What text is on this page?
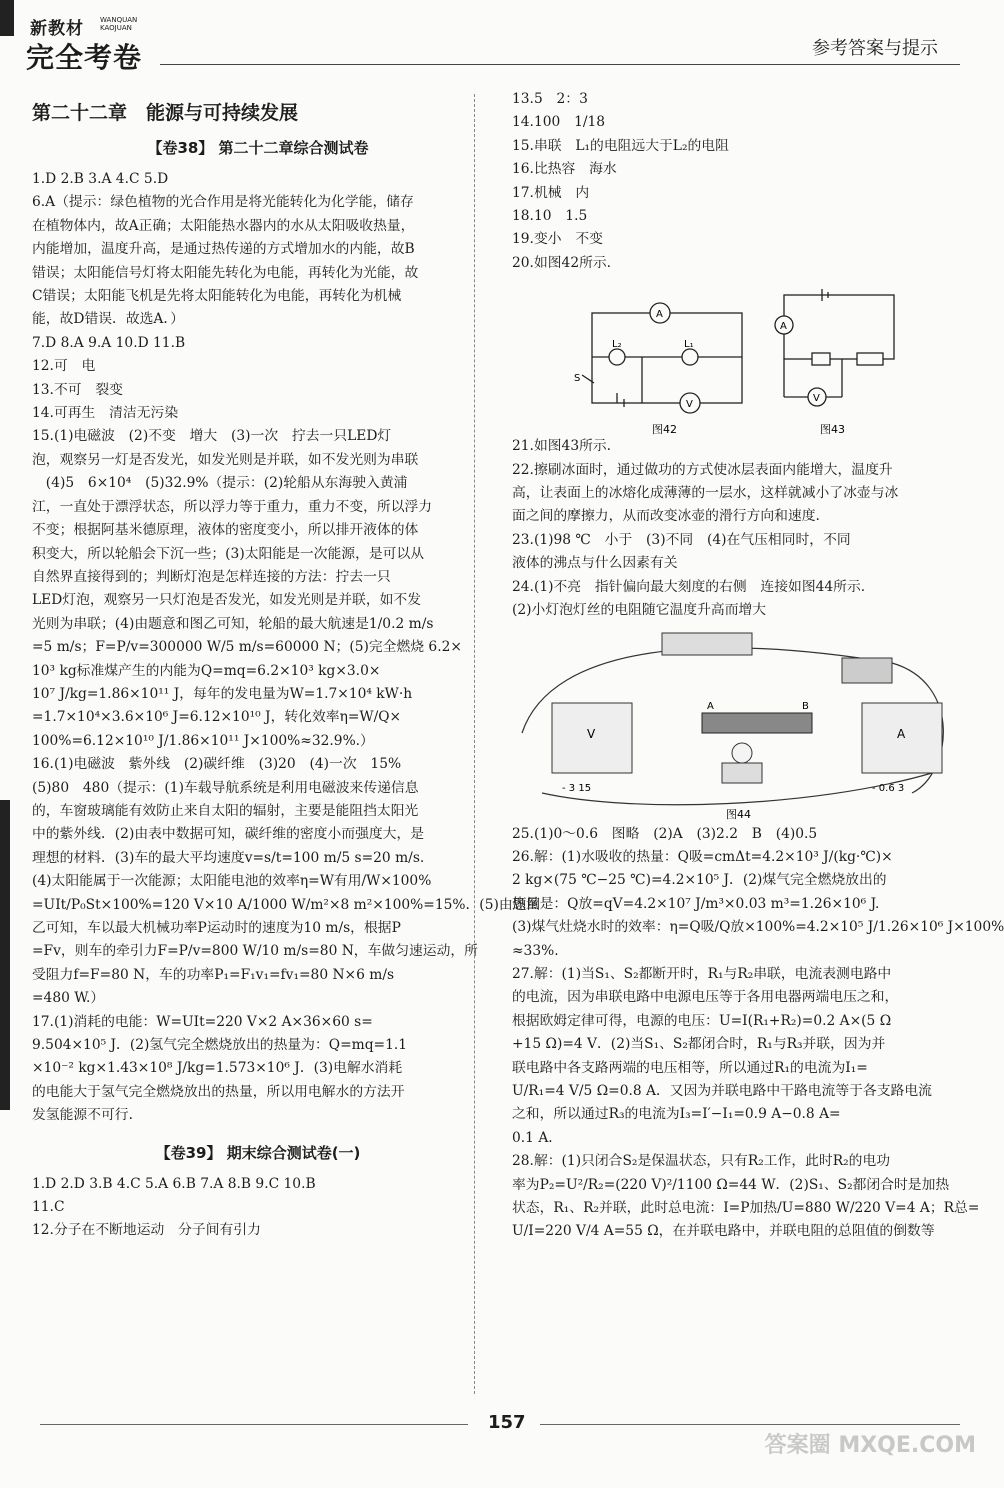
新教材 WANQUAN KAOJUAN
完全考卷	参考答案与提示
第二十二章　能源与可持续发展
【卷38】 第二十二章综合测试卷
1.D 2.B 3.A 4.C 5.D
6.A（提示：绿色植物的光合作用是将光能转化为化学能，储存
在植物体内，故A正确；太阳能热水器内的水从太阳吸收热量，
内能增加，温度升高，是通过热传递的方式增加水的内能，故B
错误；太阳能信号灯将太阳能先转化为电能，再转化为光能，故
C错误；太阳能飞机是先将太阳能转化为电能，再转化为机械
能，故D错误．故选A．）
7.D 8.A 9.A 10.D 11.B
12.可　电
13.不可　裂变
14.可再生　清洁无污染
15.(1)电磁波　(2)不变　增大　(3)一次　拧去一只LED灯
泡，观察另一灯是否发光，如发光则是并联，如不发光则为串联
　(4)5　6×10⁴　(5)32.9%（提示：(2)轮船从东海驶入黄浦
江，一直处于漂浮状态，所以浮力等于重力，重力不变，所以浮力
不变；根据阿基米德原理，液体的密度变小，所以排开液体的体
积变大，所以轮船会下沉一些；(3)太阳能是一次能源，是可以从
自然界直接得到的；判断灯泡是怎样连接的方法：拧去一只
LED灯泡，观察另一只灯泡是否发光，如发光则是并联，如不发
光则为串联；(4)由题意和图乙可知，轮船的最大航速是1/0.2 m/s
=5 m/s；F=P/v=300000 W/5 m/s=60000 N；(5)完全燃烧 6.2×
10³ kg标准煤产生的内能为Q=mq=6.2×10³ kg×3.0×
10⁷ J/kg=1.86×10¹¹ J，每年的发电量为W=1.7×10⁴ kW·h
=1.7×10⁴×3.6×10⁶ J=6.12×10¹⁰ J，转化效率η=W/Q×
100%=6.12×10¹⁰ J/1.86×10¹¹ J×100%≈32.9%.）
16.(1)电磁波　紫外线　(2)碳纤维　(3)20　(4)一次　15%
(5)80　480（提示：(1)车载导航系统是利用电磁波来传递信息
的，车窗玻璃能有效防止来自太阳的辐射，主要是能阻挡太阳光
中的紫外线．(2)由表中数据可知，碳纤维的密度小而强度大，是
理想的材料．(3)车的最大平均速度v=s/t=100 m/5 s=20 m/s.
(4)太阳能属于一次能源；太阳能电池的效率η=W有用/W×100%
=UIt/P₀St×100%=120 V×10 A/1000 W/m²×8 m²×100%=15%．(5)由题图
乙可知，车以最大机械功率P运动时的速度为10 m/s，根据P
=Fv，则车的牵引力F=P/v=800 W/10 m/s=80 N，车做匀速运动，所
受阻力f=F=80 N，车的功率P₁=F₁v₁=fv₁=80 N×6 m/s
=480 W.）
17.(1)消耗的电能：W=UIt=220 V×2 A×36×60 s=
9.504×10⁵ J．(2)氢气完全燃烧放出的热量为：Q=mq=1.1
×10⁻² kg×1.43×10⁸ J/kg=1.573×10⁶ J．(3)电解水消耗
的电能大于氢气完全燃烧放出的热量，所以用电解水的方法开
发氢能源不可行．
【卷39】 期末综合测试卷(一)
1.D 2.D 3.B 4.C 5.A 6.B 7.A 8.B 9.C 10.B
11.C
12.分子在不断地运动　分子间有引力
13.5　2：3
14.100　1/18
15.串联　L₁的电阻远大于L₂的电阻
16.比热容　海水
17.机械　内
18.10　1.5
19.变小　不变
20.如图42所示.
A
V
L₂	L₁
S
图42
A
V
图43
21.如图43所示.
22.擦刷冰面时，通过做功的方式使冰层表面内能增大，温度升
高，让表面上的冰熔化成薄薄的一层水，这样就减小了冰壶与冰
面之间的摩擦力，从而改变冰壶的滑行方向和速度.
23.(1)98 ℃　小于　(3)不同　(4)在气压相同时，不同
液体的沸点与什么因素有关
24.(1)不亮　指针偏向最大刻度的右侧　连接如图44所示.
(2)小灯泡灯丝的电阻随它温度升高而增大
V	A
A	B
- 3 15	- 0.6 3
图44
25.(1)0～0.6　图略　(2)A　(3)2.2　B　(4)0.5
26.解：(1)水吸收的热量：Q吸=cmΔt=4.2×10³ J/(kg·℃)×
2 kg×(75 ℃−25 ℃)=4.2×10⁵ J．(2)煤气完全燃烧放出的
热量是：Q放=qV=4.2×10⁷ J/m³×0.03 m³=1.26×10⁶ J.
(3)煤气灶烧水时的效率：η=Q吸/Q放×100%=4.2×10⁵ J/1.26×10⁶ J×100%
≈33%.
27.解：(1)当S₁、S₂都断开时，R₁与R₂串联，电流表测电路中
的电流，因为串联电路中电源电压等于各用电器两端电压之和，
根据欧姆定律可得，电源的电压：U=I(R₁+R₂)=0.2 A×(5 Ω
+15 Ω)=4 V．(2)当S₁、S₂都闭合时，R₁与R₃并联，因为并
联电路中各支路两端的电压相等，所以通过R₁的电流为I₁=
U/R₁=4 V/5 Ω=0.8 A．又因为并联电路中干路电流等于各支路电流
之和，所以通过R₃的电流为I₃=I′−I₁=0.9 A−0.8 A=
0.1 A.
28.解：(1)只闭合S₂是保温状态，只有R₂工作，此时R₂的电功
率为P₂=U²/R₂=(220 V)²/1100 Ω=44 W．(2)S₁、S₂都闭合时是加热
状态，R₁、R₂并联，此时总电流：I=P加热/U=880 W/220 V=4 A；R总=
U/I=220 V/4 A=55 Ω，在并联电路中，并联电阻的总阻值的倒数等
157
答案圈 MXQE.COM
